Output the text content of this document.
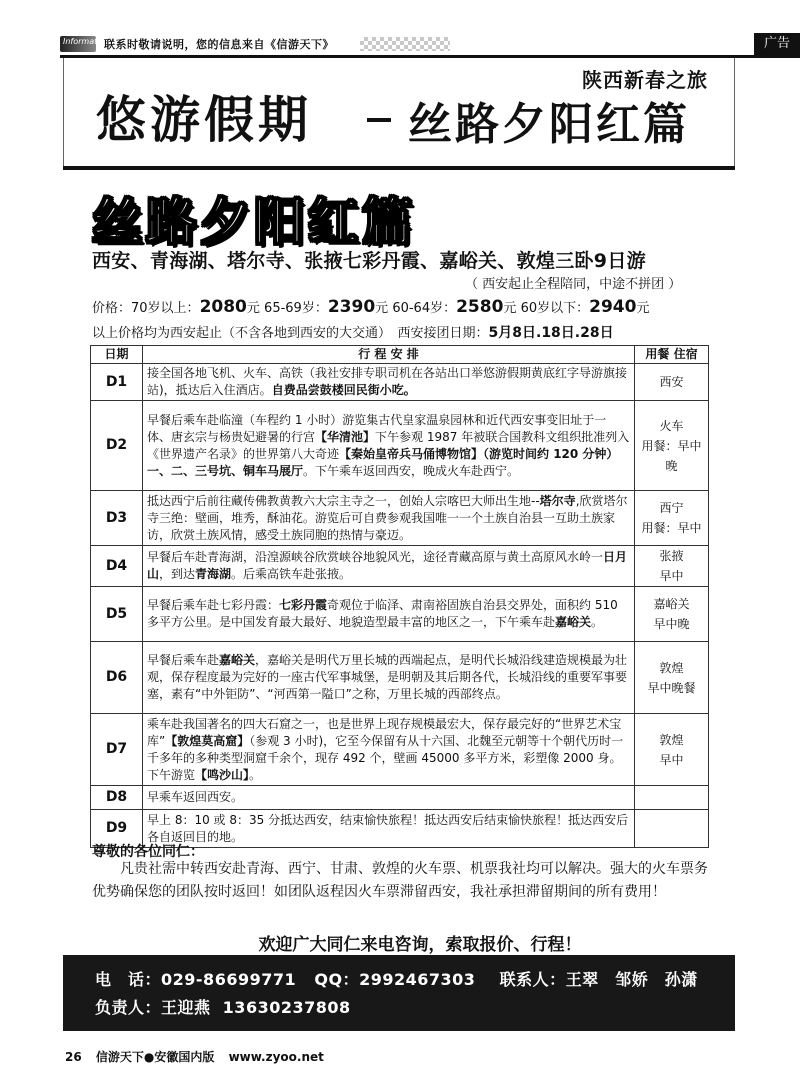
Information
联系时敬请说明，您的信息来自《信游天下》	广告
陕西新春之旅
悠游假期 丝路夕阳红篇
丝路夕阳红篇
西安、青海湖、塔尔寺、张掖七彩丹霞、嘉峪关、敦煌三卧9日游
（ 西安起止全程陪同，中途不拼团 ）
价格：70岁以上：2080元 65-69岁：2390元 60-64岁：2580元 60岁以下：2940元
以上价格均为西安起止（不含各地到西安的大交通）　西安接团日期：5月8日.18日.28日
日期	行 程 安 排	用餐 住宿
D1	接全国各地飞机、火车、高铁（我社安排专职司机在各站出口举悠游假期黄底红字导游旗接站)，抵达后入住酒店。自费品尝鼓楼回民街小吃。	西安

D2	早餐后乘车赴临潼（车程约 1 小时）游览集古代皇家温泉园林和近代西安事变旧址于一体、唐玄宗与杨贵妃避暑的行宫【华清池】下午参观 1987 年被联合国教科文组织批准列入《世界遗产名录》的世界第八大奇迹【秦始皇帝兵马俑博物馆】（游览时间约 120 分钟）一、二、三号坑、铜车马展厅。下午乘车返回西安，晚成火车赴西宁。	火车
用餐：早中
晚

D3	抵达西宁后前往藏传佛教黄教六大宗主寺之一，创始人宗喀巴大师出生地--塔尔寺,欣赏塔尔寺三绝：壁画，堆秀，酥油花。游览后可自费参观我国唯一一个土族自治县一互助土族家访，欣赏土族风情，感受土族同胞的热情与豪迈。	西宁
用餐：早中

D4	早餐后车赴青海湖，沿湟源峡谷欣赏峡谷地貌风光，途径青藏高原与黄土高原风水岭一日月山，到达青海湖。后乘高铁车赴张掖。	张掖
早中

D5	早餐后乘车赴七彩丹霞：七彩丹霞奇观位于临泽、肃南裕固族自治县交界处，面积约 510 多平方公里。是中国发育最大最好、地貌造型最丰富的地区之一，下午乘车赴嘉峪关。	嘉峪关
早中晚

D6	早餐后乘车赴嘉峪关，嘉峪关是明代万里长城的西端起点，是明代长城沿线建造规模最为壮观，保存程度最为完好的一座古代军事城堡，是明朝及其后期各代，长城沿线的重要军事要塞，素有“中外钜防”、“河西第一隘口”之称，万里长城的西部终点。	敦煌
早中晚餐

D7	乘车赴我国著名的四大石窟之一，也是世界上现存规模最宏大，保存最完好的“世界艺术宝库”【敦煌莫高窟】（参观 3 小时)，它至今保留有从十六国、北魏至元朝等十个朝代历时一千多年的多种类型洞窟千余个，现存 492 个，壁画 45000 多平方米，彩塑像 2000 身。下午游览【鸣沙山】。	敦煌
早中

D8	早乘车返回西安。	
D9	早上 8：10 或 8：35 分抵达西安，结束愉快旅程！抵达西安后结束愉快旅程！抵达西安后各自返回目的地。	
尊敬的各位同仁：
凡贵社需中转西安赴青海、西宁、甘肃、敦煌的火车票、机票我社均可以解决。强大的火车票务优势确保您的团队按时返回！如团队返程因火车票滞留西安，我社承担滞留期间的所有费用！
欢迎广大同仁来电咨询，索取报价、行程！
电　话：029-86699771 QQ：2992467303 联系人：王翠　邹娇　孙潇
负责人：王迎燕 13630237808
26 信游天下●安徽国内版 www.zyoo.net
